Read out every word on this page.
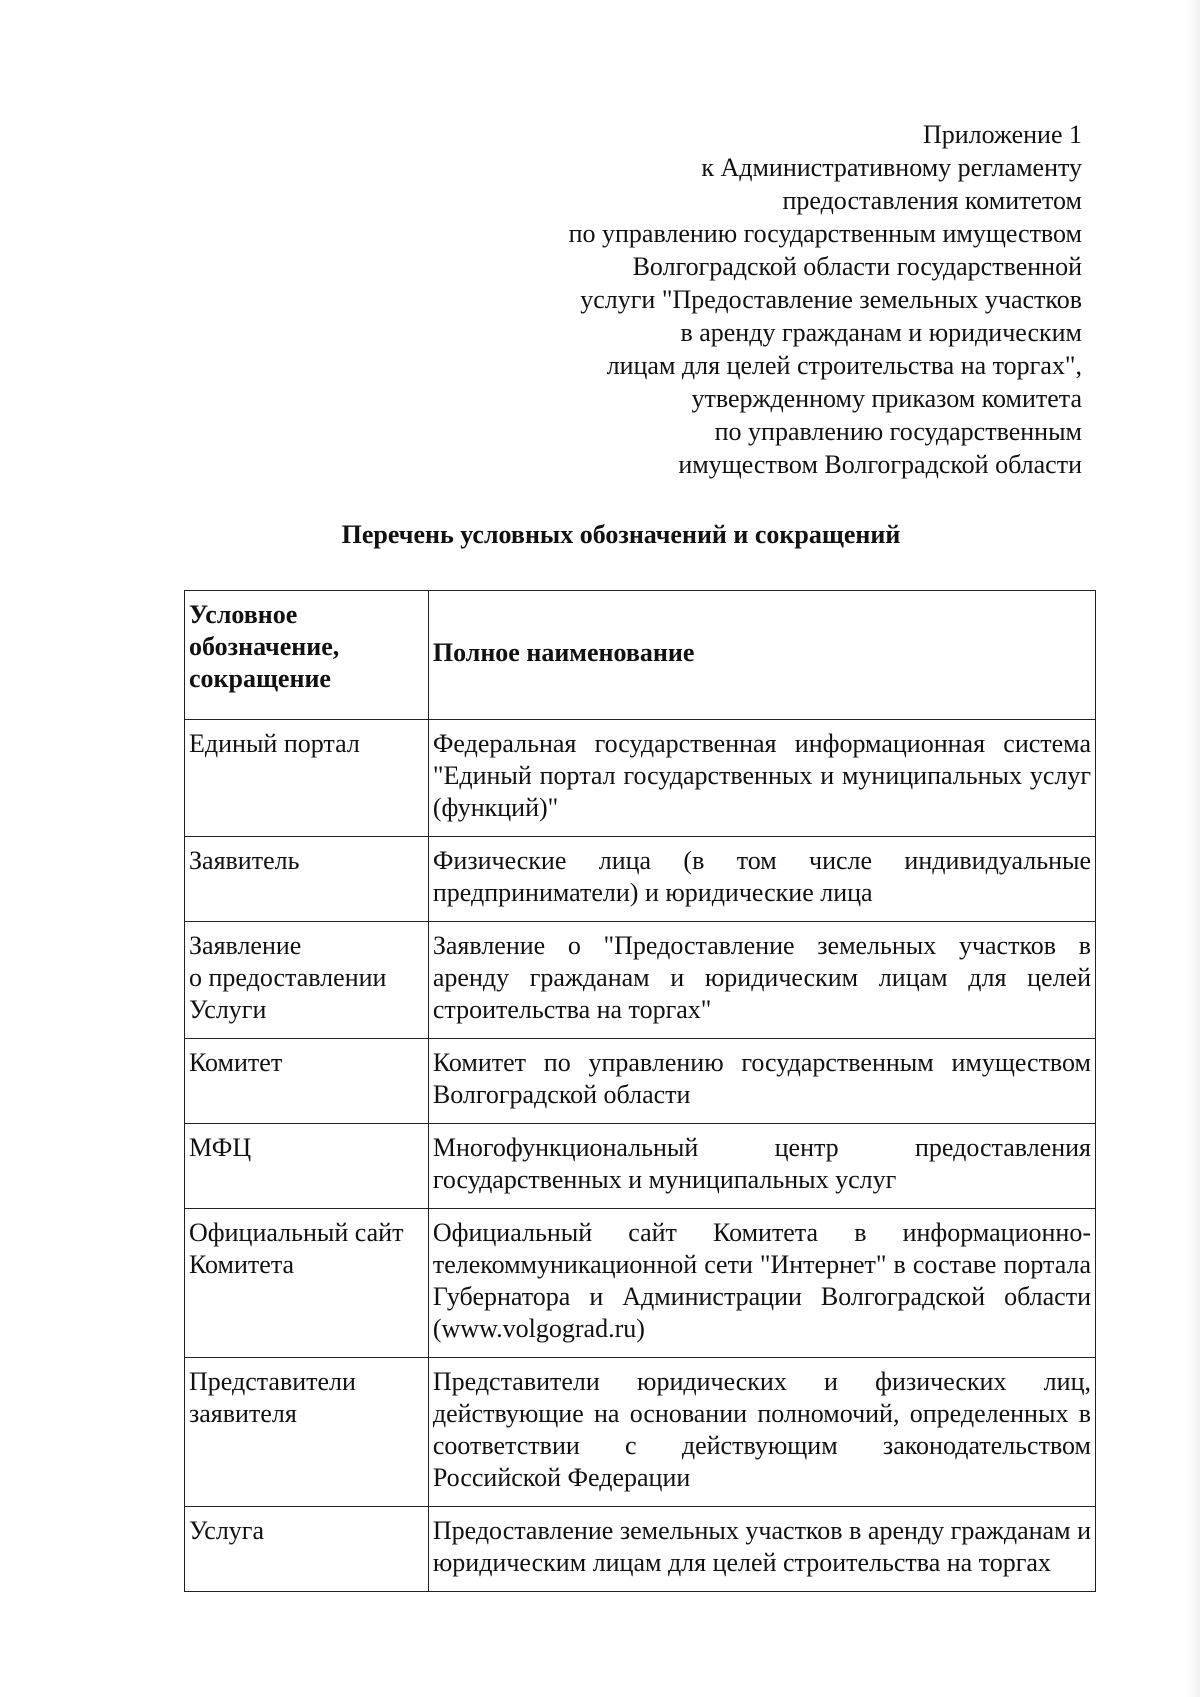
Приложение 1
к Административному регламенту
предоставления комитетом
по управлению государственным имуществом
Волгоградской области государственной
услуги "Предоставление земельных участков
в аренду гражданам и юридическим
лицам для целей строительства на торгах",
утвержденному приказом комитета
по управлению государственным
имуществом Волгоградской области
Перечень условных обозначений и сокращений
Условное
обозначение,
сокращение	Полное наименование
Единый портал	Федеральная государственная информационная система "Единый портал государственных и муниципальных услуг (функций)"
Заявитель	Физические лица (в том числе индивидуальные предприниматели) и юридические лица
Заявление
о предоставлении
Услуги	Заявление о "Предоставление земельных участков в аренду гражданам и юридическим лицам для целей строительства на торгах"
Комитет	Комитет по управлению государственным имуществом Волгоградской области
МФЦ	Многофункциональный центр предоставления государственных и муниципальных услуг
Официальный сайт
Комитета	Официальный сайт Комитета в информационно-телекоммуникационной сети "Интернет" в составе портала Губернатора и Администрации Волгоградской области (www.volgograd.ru)
Представители
заявителя	Представители юридических и физических лиц, действующие на основании полномочий, определенных в соответствии с действующим законодательством Российской Федерации
Услуга	Предоставление земельных участков в аренду гражданам и юридическим лицам для целей строительства на торгах
